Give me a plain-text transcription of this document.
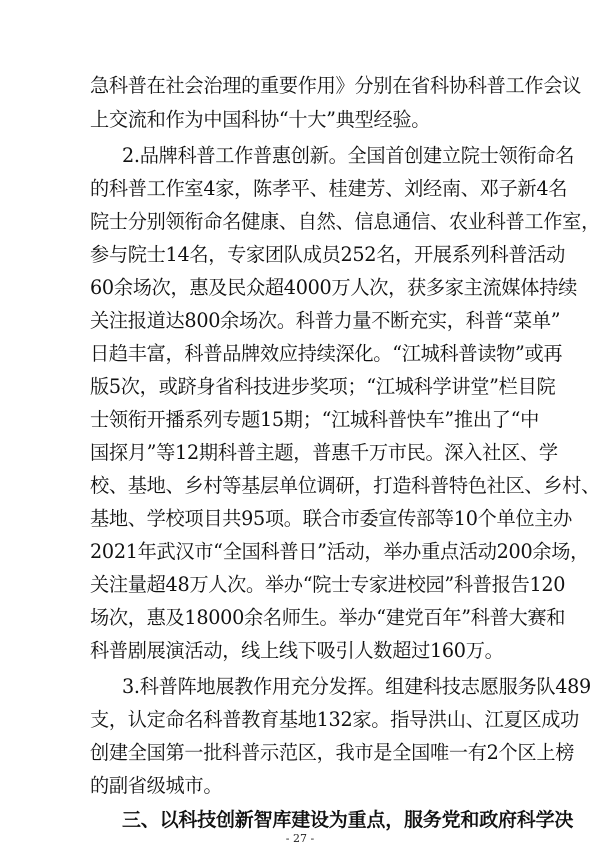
急科普在社会治理的重要作用》分别在省科协科普工作会议
上交流和作为中国科协“十大”典型经验。
2.品牌科普工作普惠创新。全国首创建立院士领衔命名
的科普工作室4家，陈孝平、桂建芳、刘经南、邓子新4名
院士分别领衔命名健康、自然、信息通信、农业科普工作室，
参与院士14名，专家团队成员252名，开展系列科普活动
60余场次，惠及民众超4000万人次，获多家主流媒体持续
关注报道达800余场次。科普力量不断充实，科普“菜单”
日趋丰富，科普品牌效应持续深化。“江城科普读物”或再
版5次，或跻身省科技进步奖项；“江城科学讲堂”栏目院
士领衔开播系列专题15期；“江城科普快车”推出了“中
国探月”等12期科普主题，普惠千万市民。深入社区、学
校、基地、乡村等基层单位调研，打造科普特色社区、乡村、
基地、学校项目共95项。联合市委宣传部等10个单位主办
2021年武汉市“全国科普日”活动，举办重点活动200余场，
关注量超48万人次。举办“院士专家进校园”科普报告120
场次，惠及18000余名师生。举办“建党百年”科普大赛和
科普剧展演活动，线上线下吸引人数超过160万。
3.科普阵地展教作用充分发挥。组建科技志愿服务队489
支，认定命名科普教育基地132家。指导洪山、江夏区成功
创建全国第一批科普示范区，我市是全国唯一有2个区上榜
的副省级城市。
三、以科技创新智库建设为重点，服务党和政府科学决
- 27 -
